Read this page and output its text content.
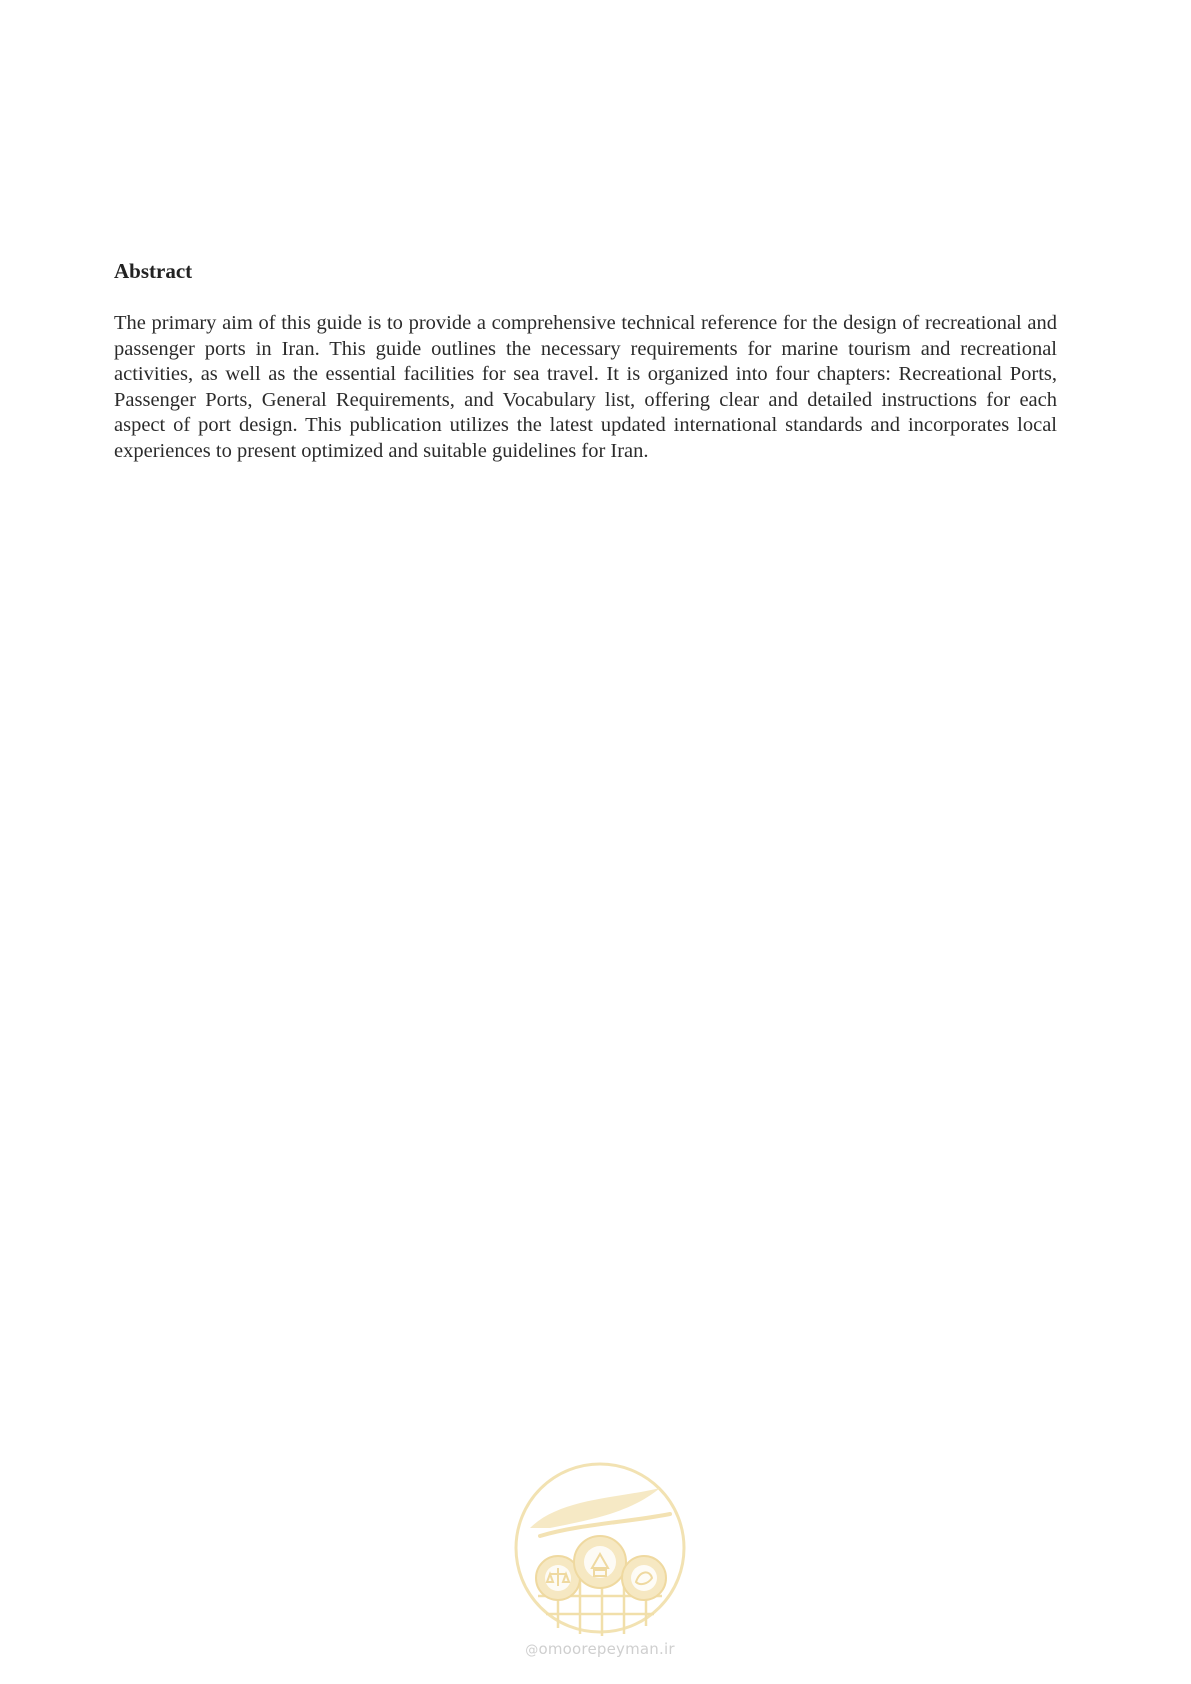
Abstract

The primary aim of this guide is to provide a comprehensive technical reference for the design of recreational and passenger ports in Iran. This guide outlines the necessary requirements for marine tourism and recreational activities, as well as the essential facilities for sea travel. It is organized into four chapters: Recreational Ports, Passenger Ports, General Requirements, and Vocabulary list, offering clear and detailed instructions for each aspect of port design. This publication utilizes the latest updated international standards and incorporates local experiences to present optimized and suitable guidelines for Iran.

@omoorepeyman.ir
